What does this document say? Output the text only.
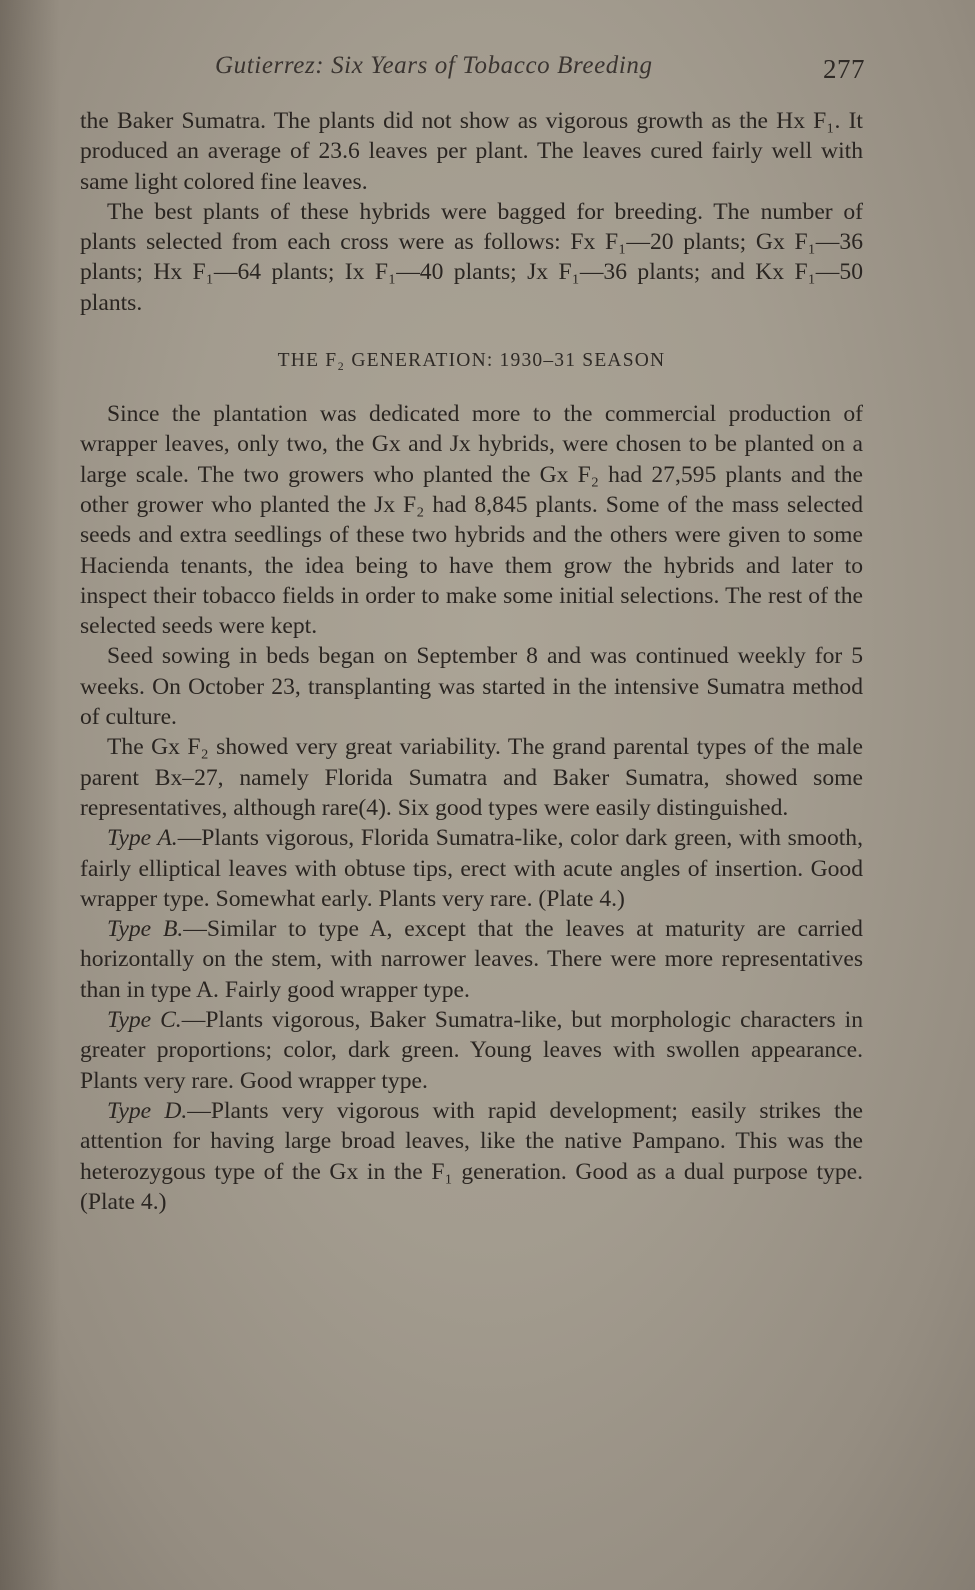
Gutierrez: Six Years of Tobacco Breeding	277

the Baker Sumatra. The plants did not show as vigorous growth as the Hx F₁. It produced an average of 23.6 leaves per plant. The leaves cured fairly well with same light colored fine leaves.

The best plants of these hybrids were bagged for breeding. The number of plants selected from each cross were as follows: Fx F₁—20 plants; Gx F₁—36 plants; Hx F₁—64 plants; Ix F₁—40 plants; Jx F₁—36 plants; and Kx F₁—50 plants.

THE F₂ GENERATION: 1930–31 SEASON

Since the plantation was dedicated more to the commercial production of wrapper leaves, only two, the Gx and Jx hybrids, were chosen to be planted on a large scale. The two growers who planted the Gx F₂ had 27,595 plants and the other grower who planted the Jx F₂ had 8,845 plants. Some of the mass selected seeds and extra seedlings of these two hybrids and the others were given to some Hacienda tenants, the idea being to have them grow the hybrids and later to inspect their tobacco fields in order to make some initial selections. The rest of the selected seeds were kept.

Seed sowing in beds began on September 8 and was continued weekly for 5 weeks. On October 23, transplanting was started in the intensive Sumatra method of culture.

The Gx F₂ showed very great variability. The grand parental types of the male parent Bx–27, namely Florida Sumatra and Baker Sumatra, showed some representatives, although rare(4). Six good types were easily distinguished.

Type A.—Plants vigorous, Florida Sumatra-like, color dark green, with smooth, fairly elliptical leaves with obtuse tips, erect with acute angles of insertion. Good wrapper type. Somewhat early. Plants very rare. (Plate 4.)

Type B.—Similar to type A, except that the leaves at maturity are carried horizontally on the stem, with narrower leaves. There were more representatives than in type A. Fairly good wrapper type.

Type C.—Plants vigorous, Baker Sumatra-like, but morphologic characters in greater proportions; color, dark green. Young leaves with swollen appearance. Plants very rare. Good wrapper type.

Type D.—Plants very vigorous with rapid development; easily strikes the attention for having large broad leaves, like the native Pampano. This was the heterozygous type of the Gx in the F₁ generation. Good as a dual purpose type. (Plate 4.)
